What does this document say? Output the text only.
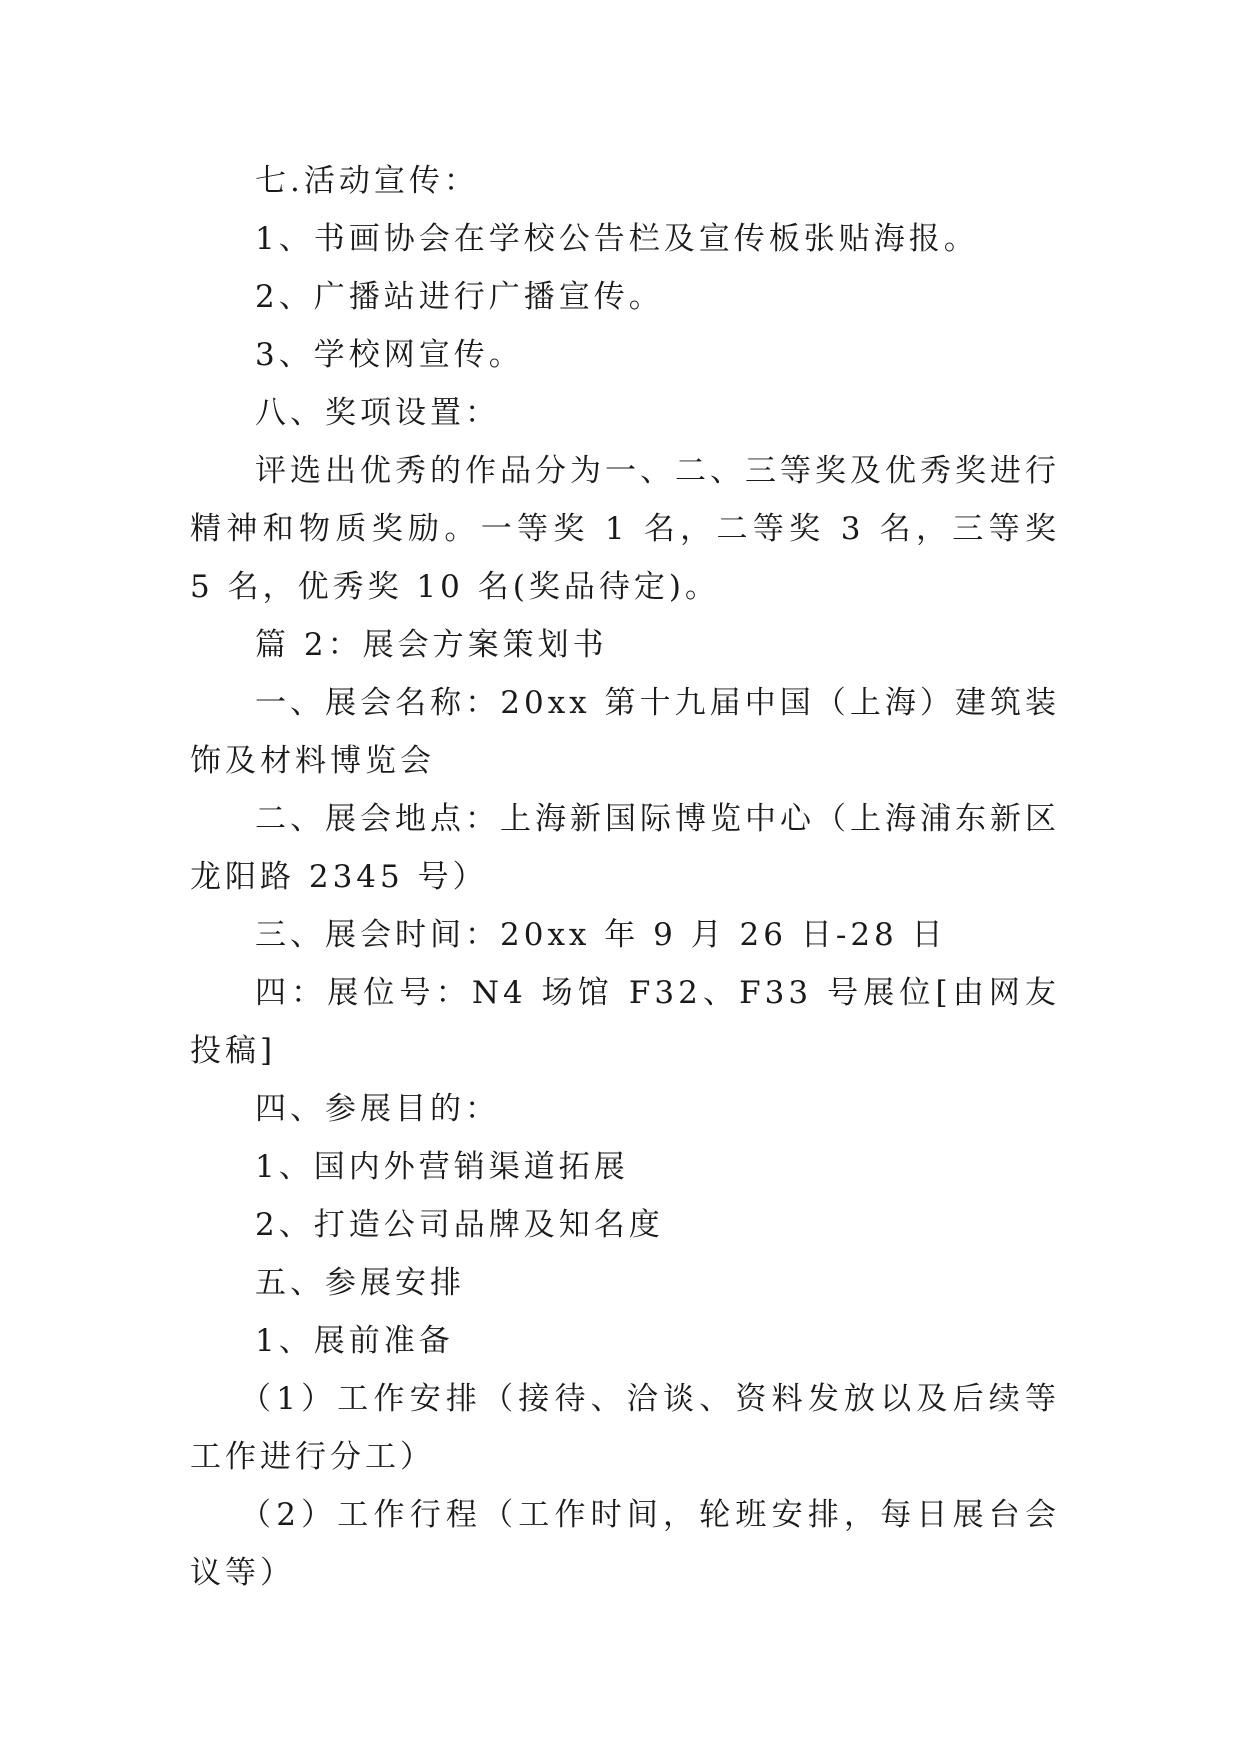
七.活动宣传：

1、书画协会在学校公告栏及宣传板张贴海报。

2、广播站进行广播宣传。

3、学校网宣传。

八、奖项设置：

评选出优秀的作品分为一、二、三等奖及优秀奖进行精神和物质奖励。一等奖 1 名，二等奖 3 名，三等奖 5 名，优秀奖 10 名(奖品待定)。

篇 2：展会方案策划书

一、展会名称：20xx 第十九届中国（上海）建筑装饰及材料博览会

二、展会地点：上海新国际博览中心（上海浦东新区龙阳路 2345 号）

三、展会时间：20xx 年 9 月 26 日-28 日

四：展位号：N4 场馆 F32、F33 号展位[由网友投稿]

四、参展目的：

1、国内外营销渠道拓展

2、打造公司品牌及知名度

五、参展安排

1、展前准备

（1）工作安排（接待、洽谈、资料发放以及后续等工作进行分工）

（2）工作行程（工作时间，轮班安排，每日展台会议等）
